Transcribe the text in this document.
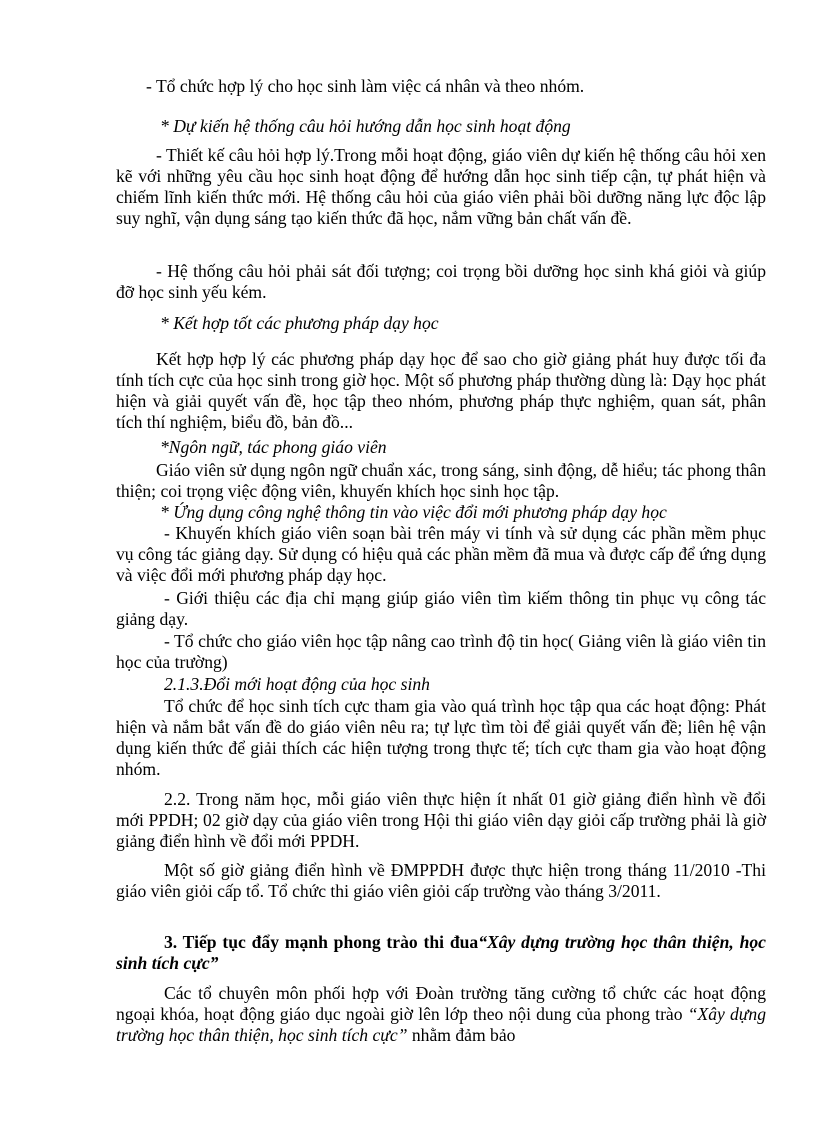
- Tổ chức hợp lý cho học sinh làm việc cá nhân và theo nhóm.

* Dự kiến hệ thống câu hỏi hướng dẫn học sinh hoạt động

- Thiết kế câu hỏi hợp lý.Trong mỗi hoạt động, giáo viên dự kiến hệ thống câu hỏi xen kẽ với những yêu cầu học sinh hoạt động để hướng dẫn học sinh tiếp cận, tự phát hiện và chiếm lĩnh kiến thức mới. Hệ thống câu hỏi của giáo viên phải bồi dưỡng năng lực độc lập suy nghĩ, vận dụng sáng tạo kiến thức đã học, nắm vững bản chất vấn đề.

- Hệ thống câu hỏi phải sát đối tượng; coi trọng bồi dưỡng học sinh khá giỏi và giúp đỡ học sinh yếu kém.

* Kết hợp tốt các phương pháp dạy học

Kết hợp hợp lý các phương pháp dạy học để sao cho giờ giảng phát huy được tối đa tính tích cực của học sinh trong giờ học. Một số phương pháp thường dùng là: Dạy học phát hiện và giải quyết vấn đề, học tập theo nhóm, phương pháp thực nghiệm, quan sát, phân tích thí nghiệm, biểu đồ, bản đồ...

*Ngôn ngữ, tác phong giáo viên

Giáo viên sử dụng ngôn ngữ chuẩn xác, trong sáng, sinh động, dễ hiểu; tác phong thân thiện; coi trọng việc động viên, khuyến khích học sinh học tập.

* Ứng dụng công nghệ thông tin vào việc đổi mới phương pháp dạy học

- Khuyến khích giáo viên soạn bài trên máy vi tính và sử dụng các phần mềm phục vụ công tác giảng dạy. Sử dụng có hiệu quả các phần mềm đã mua và được cấp để ứng dụng và việc đổi mới phương pháp dạy học.

- Giới thiệu các địa chỉ mạng giúp giáo viên tìm kiếm thông tin phục vụ công tác giảng dạy.

- Tổ chức cho giáo viên học tập nâng cao trình độ tin học( Giảng viên là giáo viên tin học của trường)

2.1.3.Đổi mới hoạt động của học sinh

Tổ chức để học sinh tích cực tham gia vào quá trình học tập qua các hoạt động: Phát hiện và nắm bắt vấn đề do giáo viên nêu ra; tự lực tìm tòi để giải quyết vấn đề; liên hệ vận dụng kiến thức để giải thích các hiện tượng trong thực tế; tích cực tham gia vào hoạt động nhóm.

2.2. Trong năm học, mỗi giáo viên thực hiện ít nhất 01 giờ giảng điển hình về đổi mới PPDH; 02 giờ dạy của giáo viên trong Hội thi giáo viên dạy giỏi cấp trường phải là giờ giảng điển hình về đổi mới PPDH.

Một số giờ giảng điển hình về ĐMPPDH được thực hiện trong tháng 11/2010 -Thi giáo viên giỏi cấp tổ. Tổ chức thi giáo viên giỏi cấp trường vào tháng 3/2011.

3. Tiếp tục đẩy mạnh phong trào thi đua“Xây dựng trường học thân thiện, học sinh tích cực”

Các tổ chuyên môn phối hợp với Đoàn trường tăng cường tổ chức các hoạt động ngoại khóa, hoạt động giáo dục ngoài giờ lên lớp theo nội dung của phong trào “Xây dựng trường học thân thiện, học sinh tích cực” nhằm đảm bảo
